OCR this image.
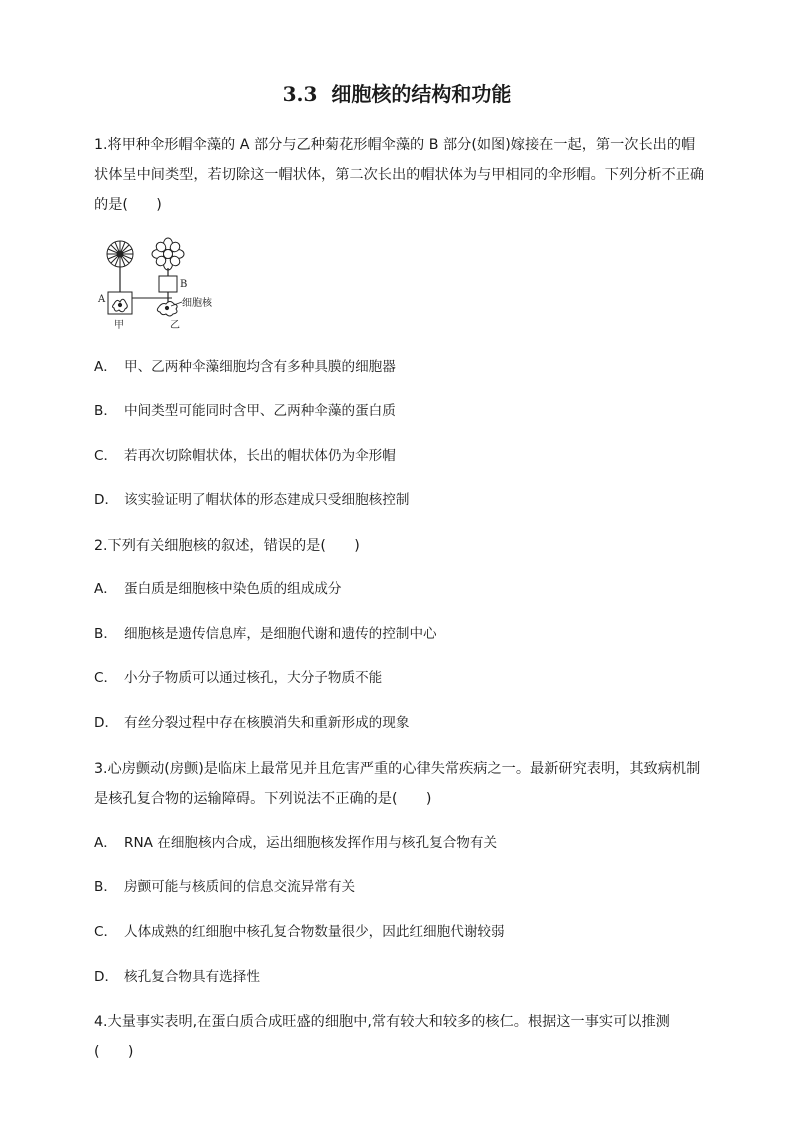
3.3 细胞核的结构和功能
1.将甲种伞形帽伞藻的 A 部分与乙种菊花形帽伞藻的 B 部分(如图)嫁接在一起，第一次长出的帽状体呈中间类型，若切除这一帽状体，第二次长出的帽状体为与甲相同的伞形帽。下列分析不正确的是(　　)
A
B
甲	乙
细胞核
A． 甲、乙两种伞藻细胞均含有多种具膜的细胞器
B． 中间类型可能同时含甲、乙两种伞藻的蛋白质
C． 若再次切除帽状体，长出的帽状体仍为伞形帽
D． 该实验证明了帽状体的形态建成只受细胞核控制
2.下列有关细胞核的叙述，错误的是(　　)
A． 蛋白质是细胞核中染色质的组成成分
B． 细胞核是遗传信息库，是细胞代谢和遗传的控制中心
C． 小分子物质可以通过核孔，大分子物质不能
D． 有丝分裂过程中存在核膜消失和重新形成的现象
3.心房颤动(房颤)是临床上最常见并且危害严重的心律失常疾病之一。最新研究表明，其致病机制是核孔复合物的运输障碍。下列说法不正确的是(　　)
A． RNA 在细胞核内合成，运出细胞核发挥作用与核孔复合物有关
B． 房颤可能与核质间的信息交流异常有关
C． 人体成熟的红细胞中核孔复合物数量很少，因此红细胞代谢较弱
D． 核孔复合物具有选择性
4.大量事实表明,在蛋白质合成旺盛的细胞中,常有较大和较多的核仁。根据这一事实可以推测(　　)
